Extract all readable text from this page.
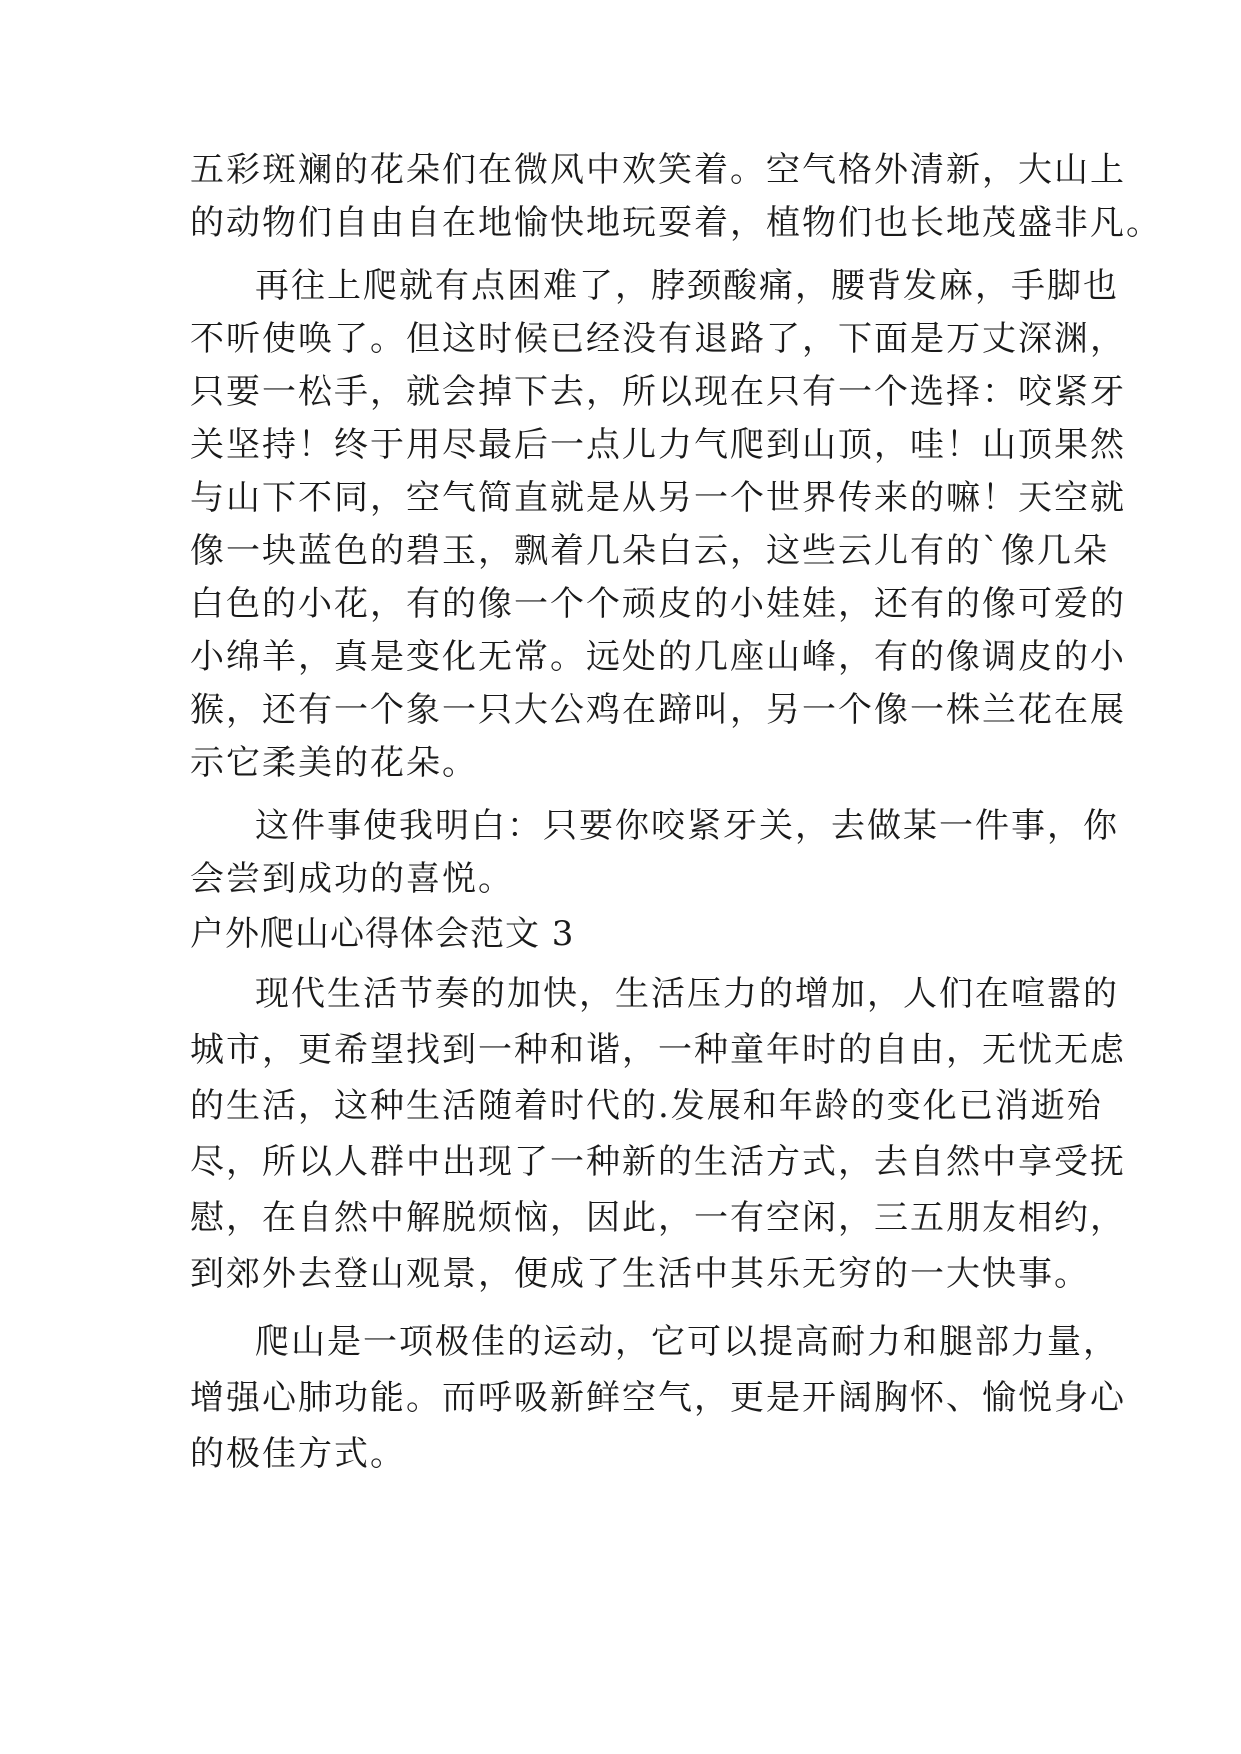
五彩斑斓的花朵们在微风中欢笑着。空气格外清新，大山上
的动物们自由自在地愉快地玩耍着，植物们也长地茂盛非凡。
再往上爬就有点困难了，脖颈酸痛，腰背发麻，手脚也
不听使唤了。但这时候已经没有退路了，下面是万丈深渊，
只要一松手，就会掉下去，所以现在只有一个选择：咬紧牙
关坚持！终于用尽最后一点儿力气爬到山顶，哇！山顶果然
与山下不同，空气简直就是从另一个世界传来的嘛！天空就
像一块蓝色的碧玉，飘着几朵白云，这些云儿有的`像几朵
白色的小花，有的像一个个顽皮的小娃娃，还有的像可爱的
小绵羊，真是变化无常。远处的几座山峰，有的像调皮的小
猴，还有一个象一只大公鸡在蹄叫，另一个像一株兰花在展
示它柔美的花朵。
这件事使我明白：只要你咬紧牙关，去做某一件事，你
会尝到成功的喜悦。
户外爬山心得体会范文 3
现代生活节奏的加快，生活压力的增加，人们在喧嚣的
城市，更希望找到一种和谐，一种童年时的自由，无忧无虑
的生活，这种生活随着时代的.发展和年龄的变化已消逝殆
尽，所以人群中出现了一种新的生活方式，去自然中享受抚
慰，在自然中解脱烦恼，因此，一有空闲，三五朋友相约，
到郊外去登山观景，便成了生活中其乐无穷的一大快事。
爬山是一项极佳的运动，它可以提高耐力和腿部力量，
增强心肺功能。而呼吸新鲜空气，更是开阔胸怀、愉悦身心
的极佳方式。
